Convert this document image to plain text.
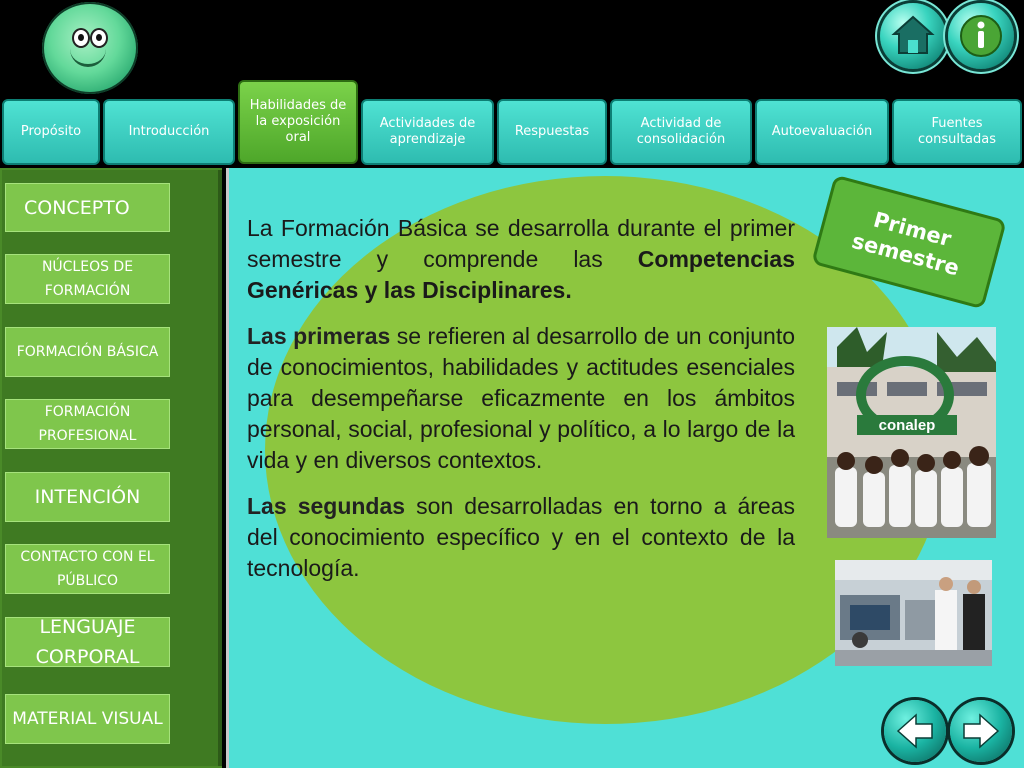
Propósito	Introducción
Habilidades de la exposición oral
Actividades de aprendizaje
Respuestas
Actividad de consolidación
Autoevaluación
Fuentes consultadas
CONCEPTO
NÚCLEOS DE FORMACIÓN
FORMACIÓN BÁSICA
FORMACIÓN PROFESIONAL
INTENCIÓN
CONTACTO CON EL PÚBLICO
LENGUAJE CORPORAL
MATERIAL VISUAL

La Formación Básica se desarrolla durante el primer semestre y comprende las Competencias Genéricas y las Disciplinares.

Las primeras se refieren al desarrollo de un conjunto de conocimientos, habilidades y actitudes esenciales para desempeñarse eficazmente en los ámbitos personal, social, profesional y político, a lo largo de la vida y en diversos contextos.

Las segundas son desarrolladas en torno a áreas del conocimiento específico y en el contexto de la tecnología.

Primer semestre
conalep
